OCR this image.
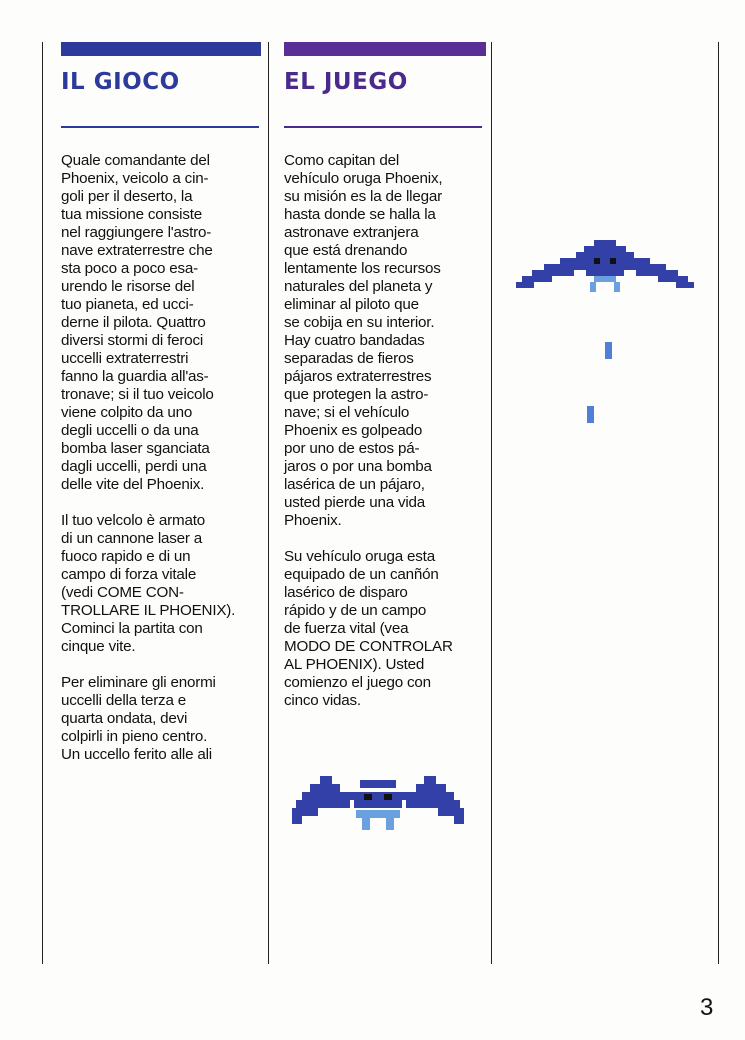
IL GIOCO

Quale comandante del
Phoenix, veicolo a cin-
goli per il deserto, la
tua missione consiste
nel raggiungere l'astro-
nave extraterrestre che
sta poco a poco esa-
urendo le risorse del
tuo pianeta, ed ucci-
derne il pilota. Quattro
diversi stormi di feroci
uccelli extraterrestri
fanno la guardia all'as-
tronave; si il tuo veicolo
viene colpito da uno
degli uccelli o da una
bomba laser sganciata
dagli uccelli, perdi una
delle vite del Phoenix.

Il tuo velcolo è armato
di un cannone laser a
fuoco rapido e di un
campo di forza vitale
(vedi COME CON-
TROLLARE IL PHOENIX).
Cominci la partita con
cinque vite.

Per eliminare gli enormi
uccelli della terza e
quarta ondata, devi
colpirli in pieno centro.
Un uccello ferito alle ali

EL JUEGO

Como capitan del
vehículo oruga Phoenix,
su misión es la de llegar
hasta donde se halla la
astronave extranjera
que está drenando
lentamente los recursos
naturales del planeta y
eliminar al piloto que
se cobija en su interior.
Hay cuatro bandadas
separadas de fieros
pájaros extraterrestres
que protegen la astro-
nave; si el vehículo
Phoenix es golpeado
por uno de estos pá-
jaros o por una bomba
lasérica de un pájaro,
usted pierde una vida
Phoenix.

Su vehículo oruga esta
equipado de un canñón
lasérico de disparo
rápido y de un campo
de fuerza vital (vea
MODO DE CONTROLAR
AL PHOENIX). Usted
comienzo el juego con
cinco vidas.

3
